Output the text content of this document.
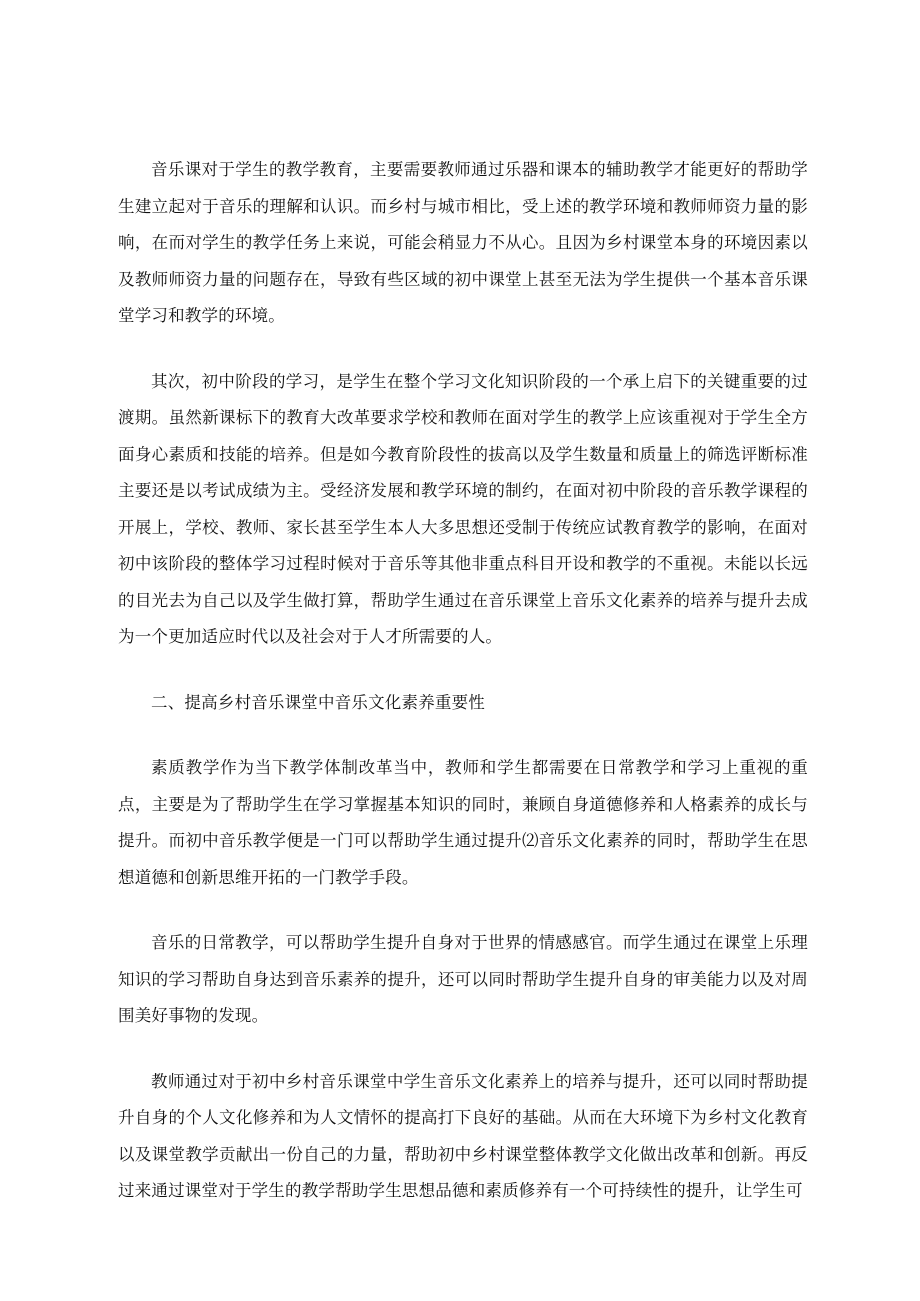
音乐课对于学生的教学教育，主要需要教师通过乐器和课本的辅助教学才能更好的帮助学生建立起对于音乐的理解和认识。而乡村与城市相比，受上述的教学环境和教师师资力量的影响，在而对学生的教学任务上来说，可能会稍显力不从心。且因为乡村课堂本身的环境因素以及教师师资力量的问题存在，导致有些区域的初中课堂上甚至无法为学生提供一个基本音乐课堂学习和教学的环境。

其次，初中阶段的学习，是学生在整个学习文化知识阶段的一个承上启下的关键重要的过渡期。虽然新课标下的教育大改革要求学校和教师在面对学生的教学上应该重视对于学生全方面身心素质和技能的培养。但是如今教育阶段性的拔高以及学生数量和质量上的筛选评断标准主要还是以考试成绩为主。受经济发展和教学环境的制约，在面对初中阶段的音乐教学课程的开展上，学校、教师、家长甚至学生本人大多思想还受制于传统应试教育教学的影响，在面对初中该阶段的整体学习过程时候对于音乐等其他非重点科目开设和教学的不重视。未能以长远的目光去为自己以及学生做打算，帮助学生通过在音乐课堂上音乐文化素养的培养与提升去成为一个更加适应时代以及社会对于人才所需要的人。

二、提高乡村音乐课堂中音乐文化素养重要性

素质教学作为当下教学体制改革当中，教师和学生都需要在日常教学和学习上重视的重点，主要是为了帮助学生在学习掌握基本知识的同时，兼顾自身道德修养和人格素养的成长与提升。而初中音乐教学便是一门可以帮助学生通过提升⑵音乐文化素养的同时，帮助学生在思想道德和创新思维开拓的一门教学手段。

音乐的日常教学，可以帮助学生提升自身对于世界的情感感官。而学生通过在课堂上乐理知识的学习帮助自身达到音乐素养的提升，还可以同时帮助学生提升自身的审美能力以及对周围美好事物的发现。

教师通过对于初中乡村音乐课堂中学生音乐文化素养上的培养与提升，还可以同时帮助提升自身的个人文化修养和为人文情怀的提高打下良好的基础。从而在大环境下为乡村文化教育以及课堂教学贡献出一份自己的力量，帮助初中乡村课堂整体教学文化做出改革和创新。再反过来通过课堂对于学生的教学帮助学生思想品德和素质修养有一个可持续性的提升，让学生可
